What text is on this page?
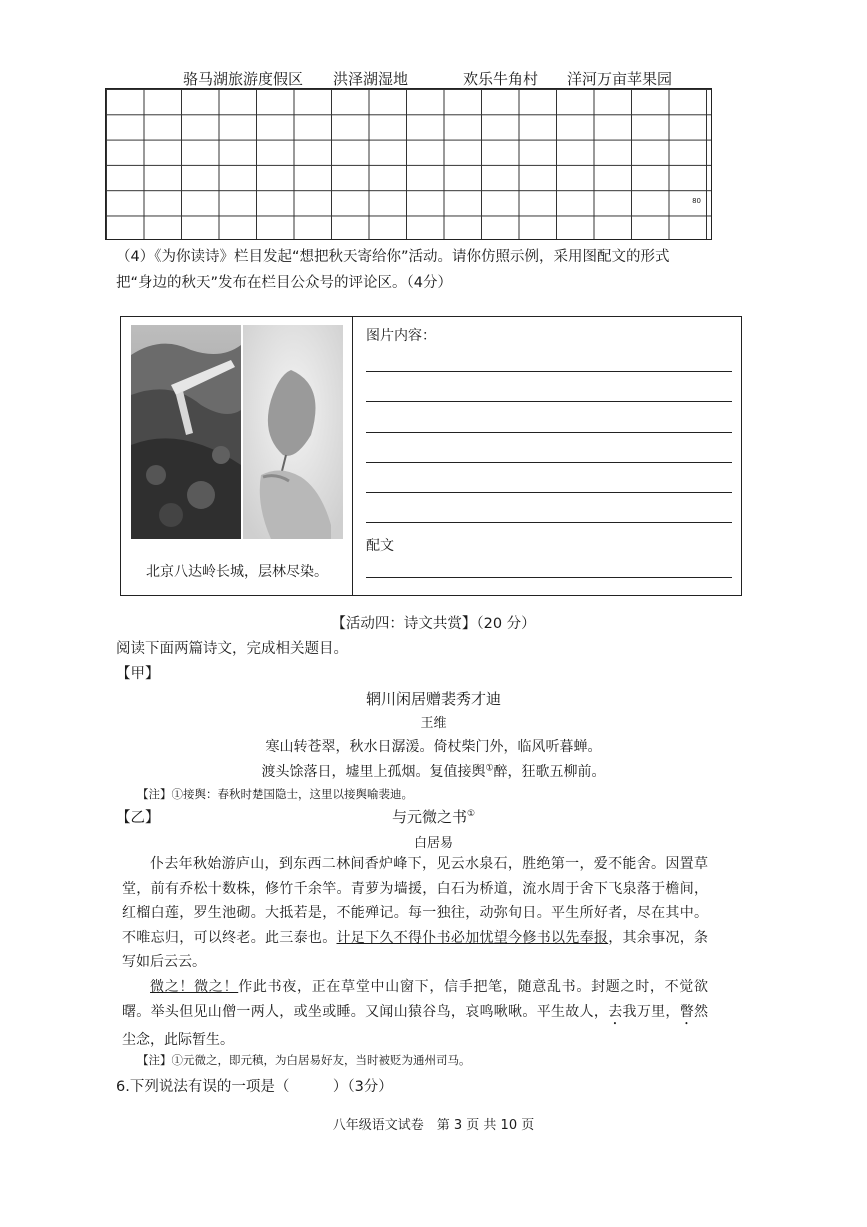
骆马湖旅游度假区 洪泽湖湿地	欢乐牛角村 洋河万亩苹果园
80
（4）《为你读诗》栏目发起“想把秋天寄给你”活动。请你仿照示例，采用图配文的形式
把“身边的秋天”发布在栏目公众号的评论区。（4分）
北京八达岭长城，层林尽染。
图片内容：
配文
【活动四：诗文共赏】（20 分）
阅读下面两篇诗文，完成相关题目。
【甲】
辋川闲居赠裴秀才迪
王维
寒山转苍翠，秋水日潺湲。倚杖柴门外，临风听暮蝉。
渡头馀落日，墟里上孤烟。复值接舆①醉，狂歌五柳前。
【注】①接舆：春秋时楚国隐士，这里以接舆喻裴迪。
【乙】	与元微之书①
白居易
仆去年秋始游庐山，到东西二林间香炉峰下，见云水泉石，胜绝第一，爱不能舍。因置草堂，前有乔松十数株，修竹千余竿。青萝为墙援，白石为桥道，流水周于舍下飞泉落于檐间，红榴白莲，罗生池砌。大抵若是，不能殚记。每一独往，动弥旬日。平生所好者，尽在其中。不唯忘归，可以终老。此三泰也。计足下久不得仆书必加忧望今修书以先奉报，其余事况，条写如后云云。
微之！微之！作此书夜，正在草堂中山窗下，信手把笔，随意乱书。封题之时，不觉欲曙。举头但见山僧一两人，或坐或睡。又闻山猿谷鸟，哀鸣啾啾。平生故人，去我万里，瞥然尘念，此际暂生。
【注】①元微之，即元稹，为白居易好友，当时被贬为通州司马。
6.下列说法有误的一项是（　　　）（3分）
八年级语文试卷　第 3 页 共 10 页
